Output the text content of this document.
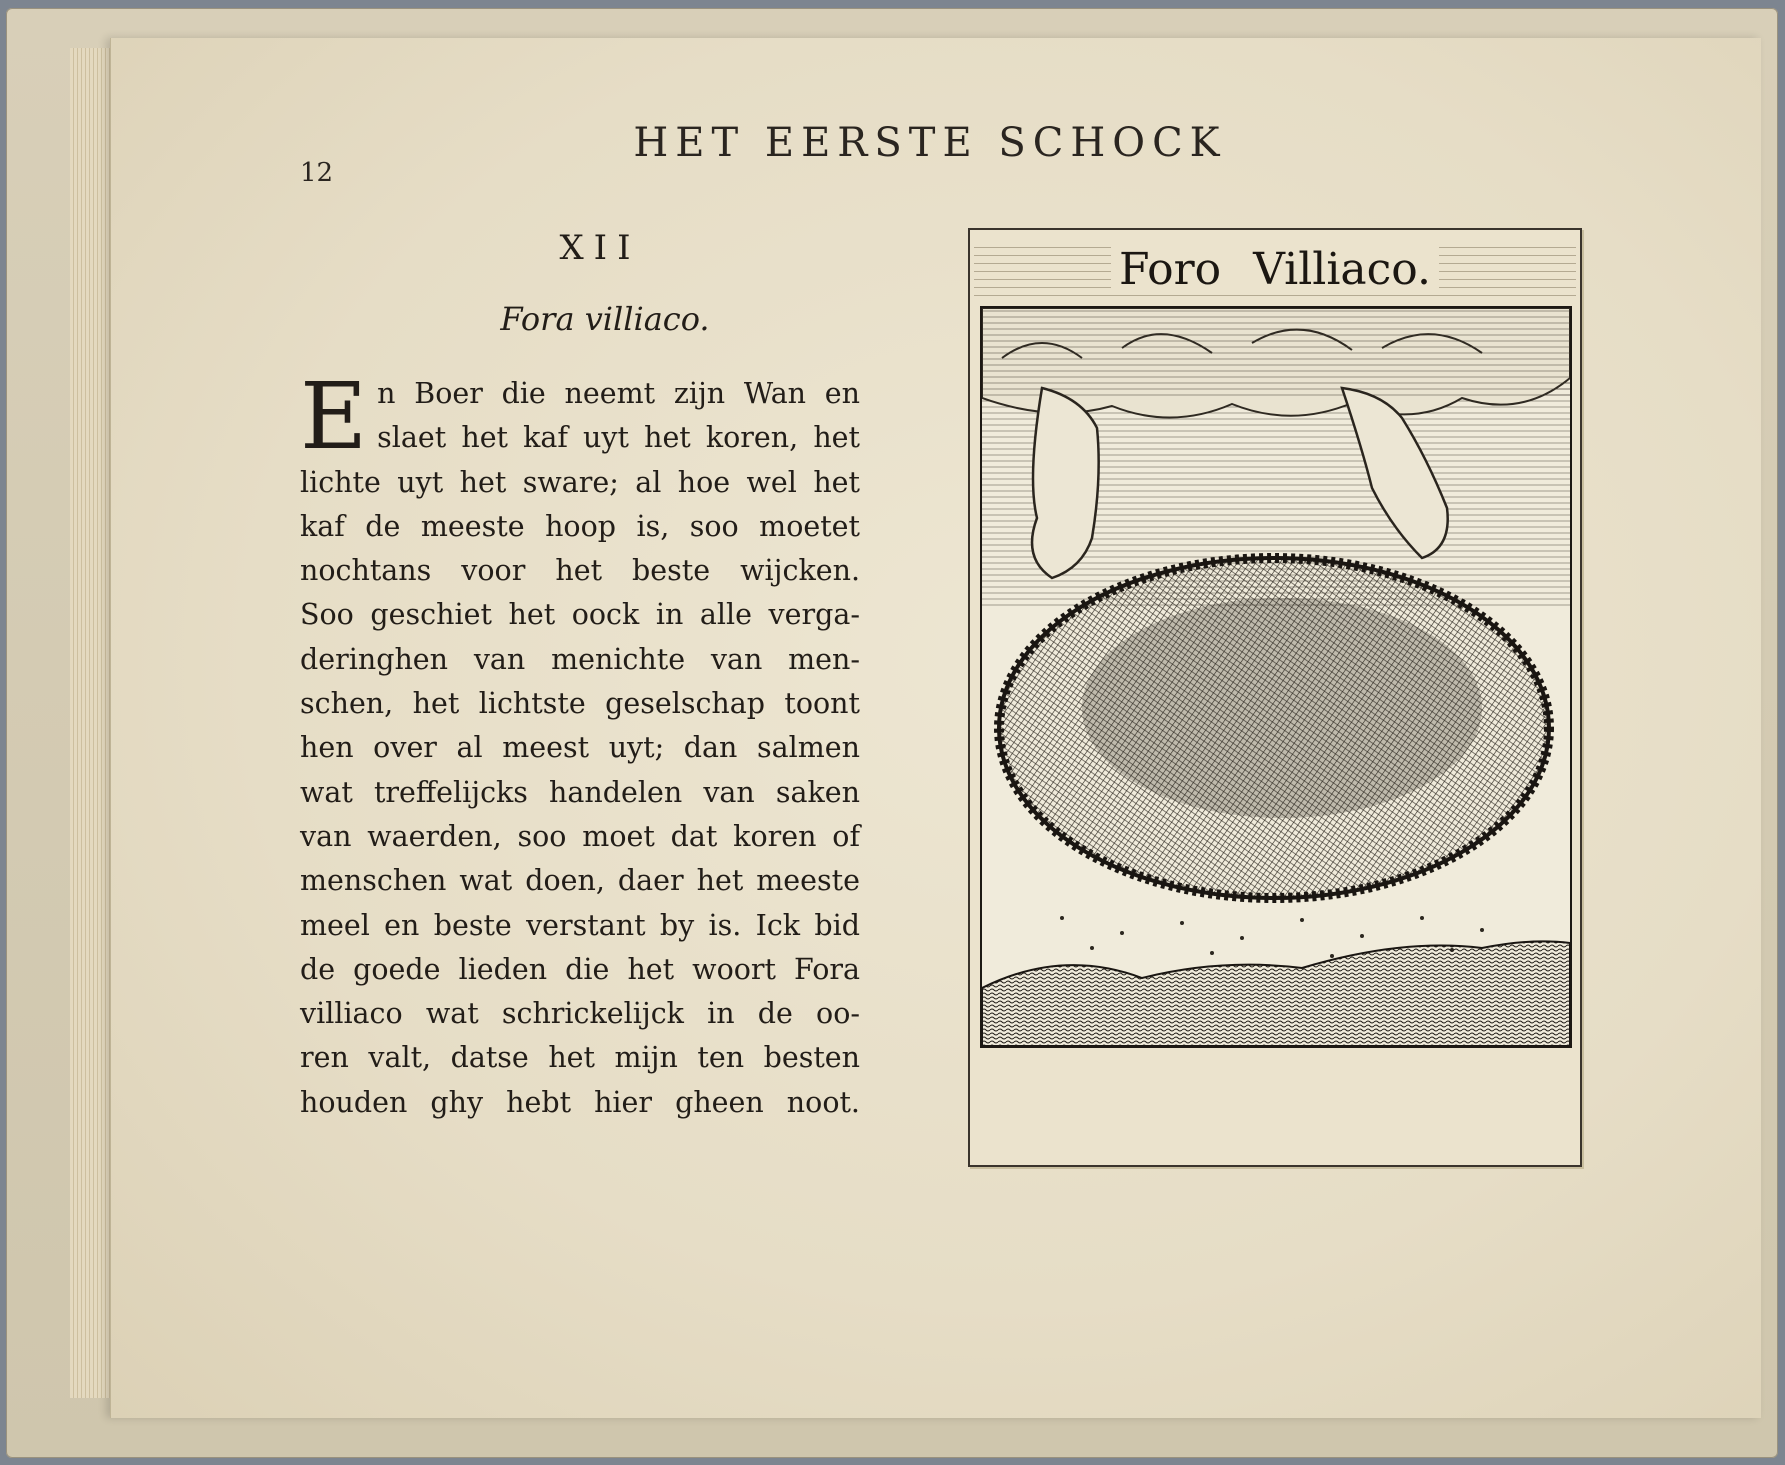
12
HET EERSTE SCHOCK
XII
Fora villiaco.
E n Boer die neemt zijn Wan en
slaet het kaf uyt het koren, het
lichte uyt het sware; al hoe wel het
kaf de meeste hoop is, soo moetet
nochtans voor het beste wijcken.
Soo geschiet het oock in alle verga-
deringhen van menichte van men-
schen, het lichtste geselschap toont
hen over al meest uyt; dan salmen
wat treffelijcks handelen van saken
van waerden, soo moet dat koren of
menschen wat doen, daer het meeste
meel en beste verstant by is. Ick bid
de goede lieden die het woort Fora
villiaco wat schrickelijck in de oo-
ren valt, datse het mijn ten besten
houden ghy hebt hier gheen noot.
Foro Villiaco.
